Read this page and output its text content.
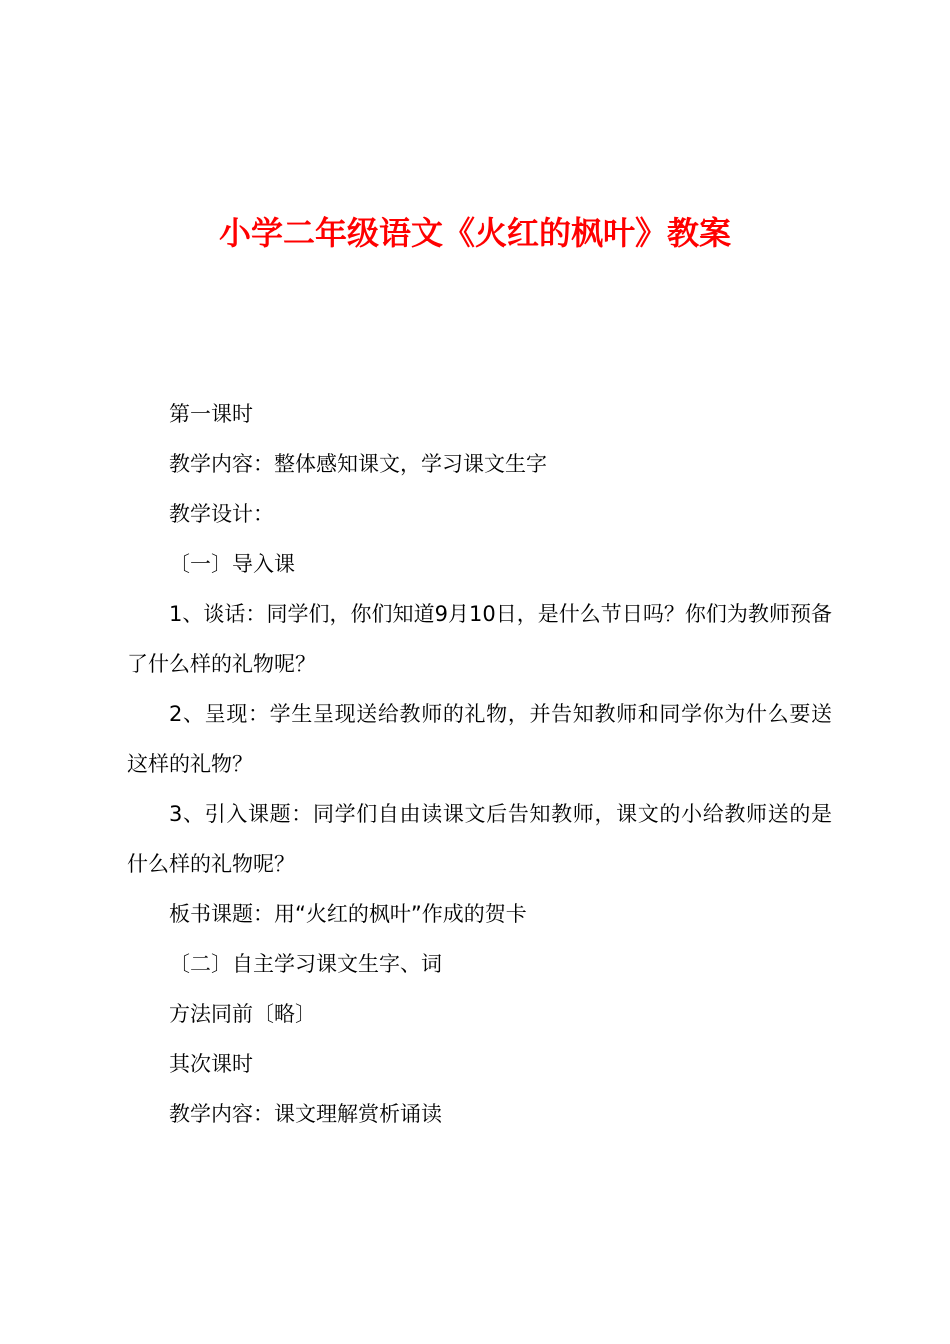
小学二年级语文《火红的枫叶》教案

第一课时

教学内容：整体感知课文，学习课文生字

教学设计：

〔一〕导入课

1、谈话：同学们，你们知道9月10日，是什么节日吗？你们为教师预备了什么样的礼物呢？

2、呈现：学生呈现送给教师的礼物，并告知教师和同学你为什么要送这样的礼物？

3、引入课题：同学们自由读课文后告知教师，课文的小给教师送的是什么样的礼物呢？

板书课题：用“火红的枫叶”作成的贺卡

〔二〕自主学习课文生字、词

方法同前〔略〕

其次课时

教学内容：课文理解赏析诵读
